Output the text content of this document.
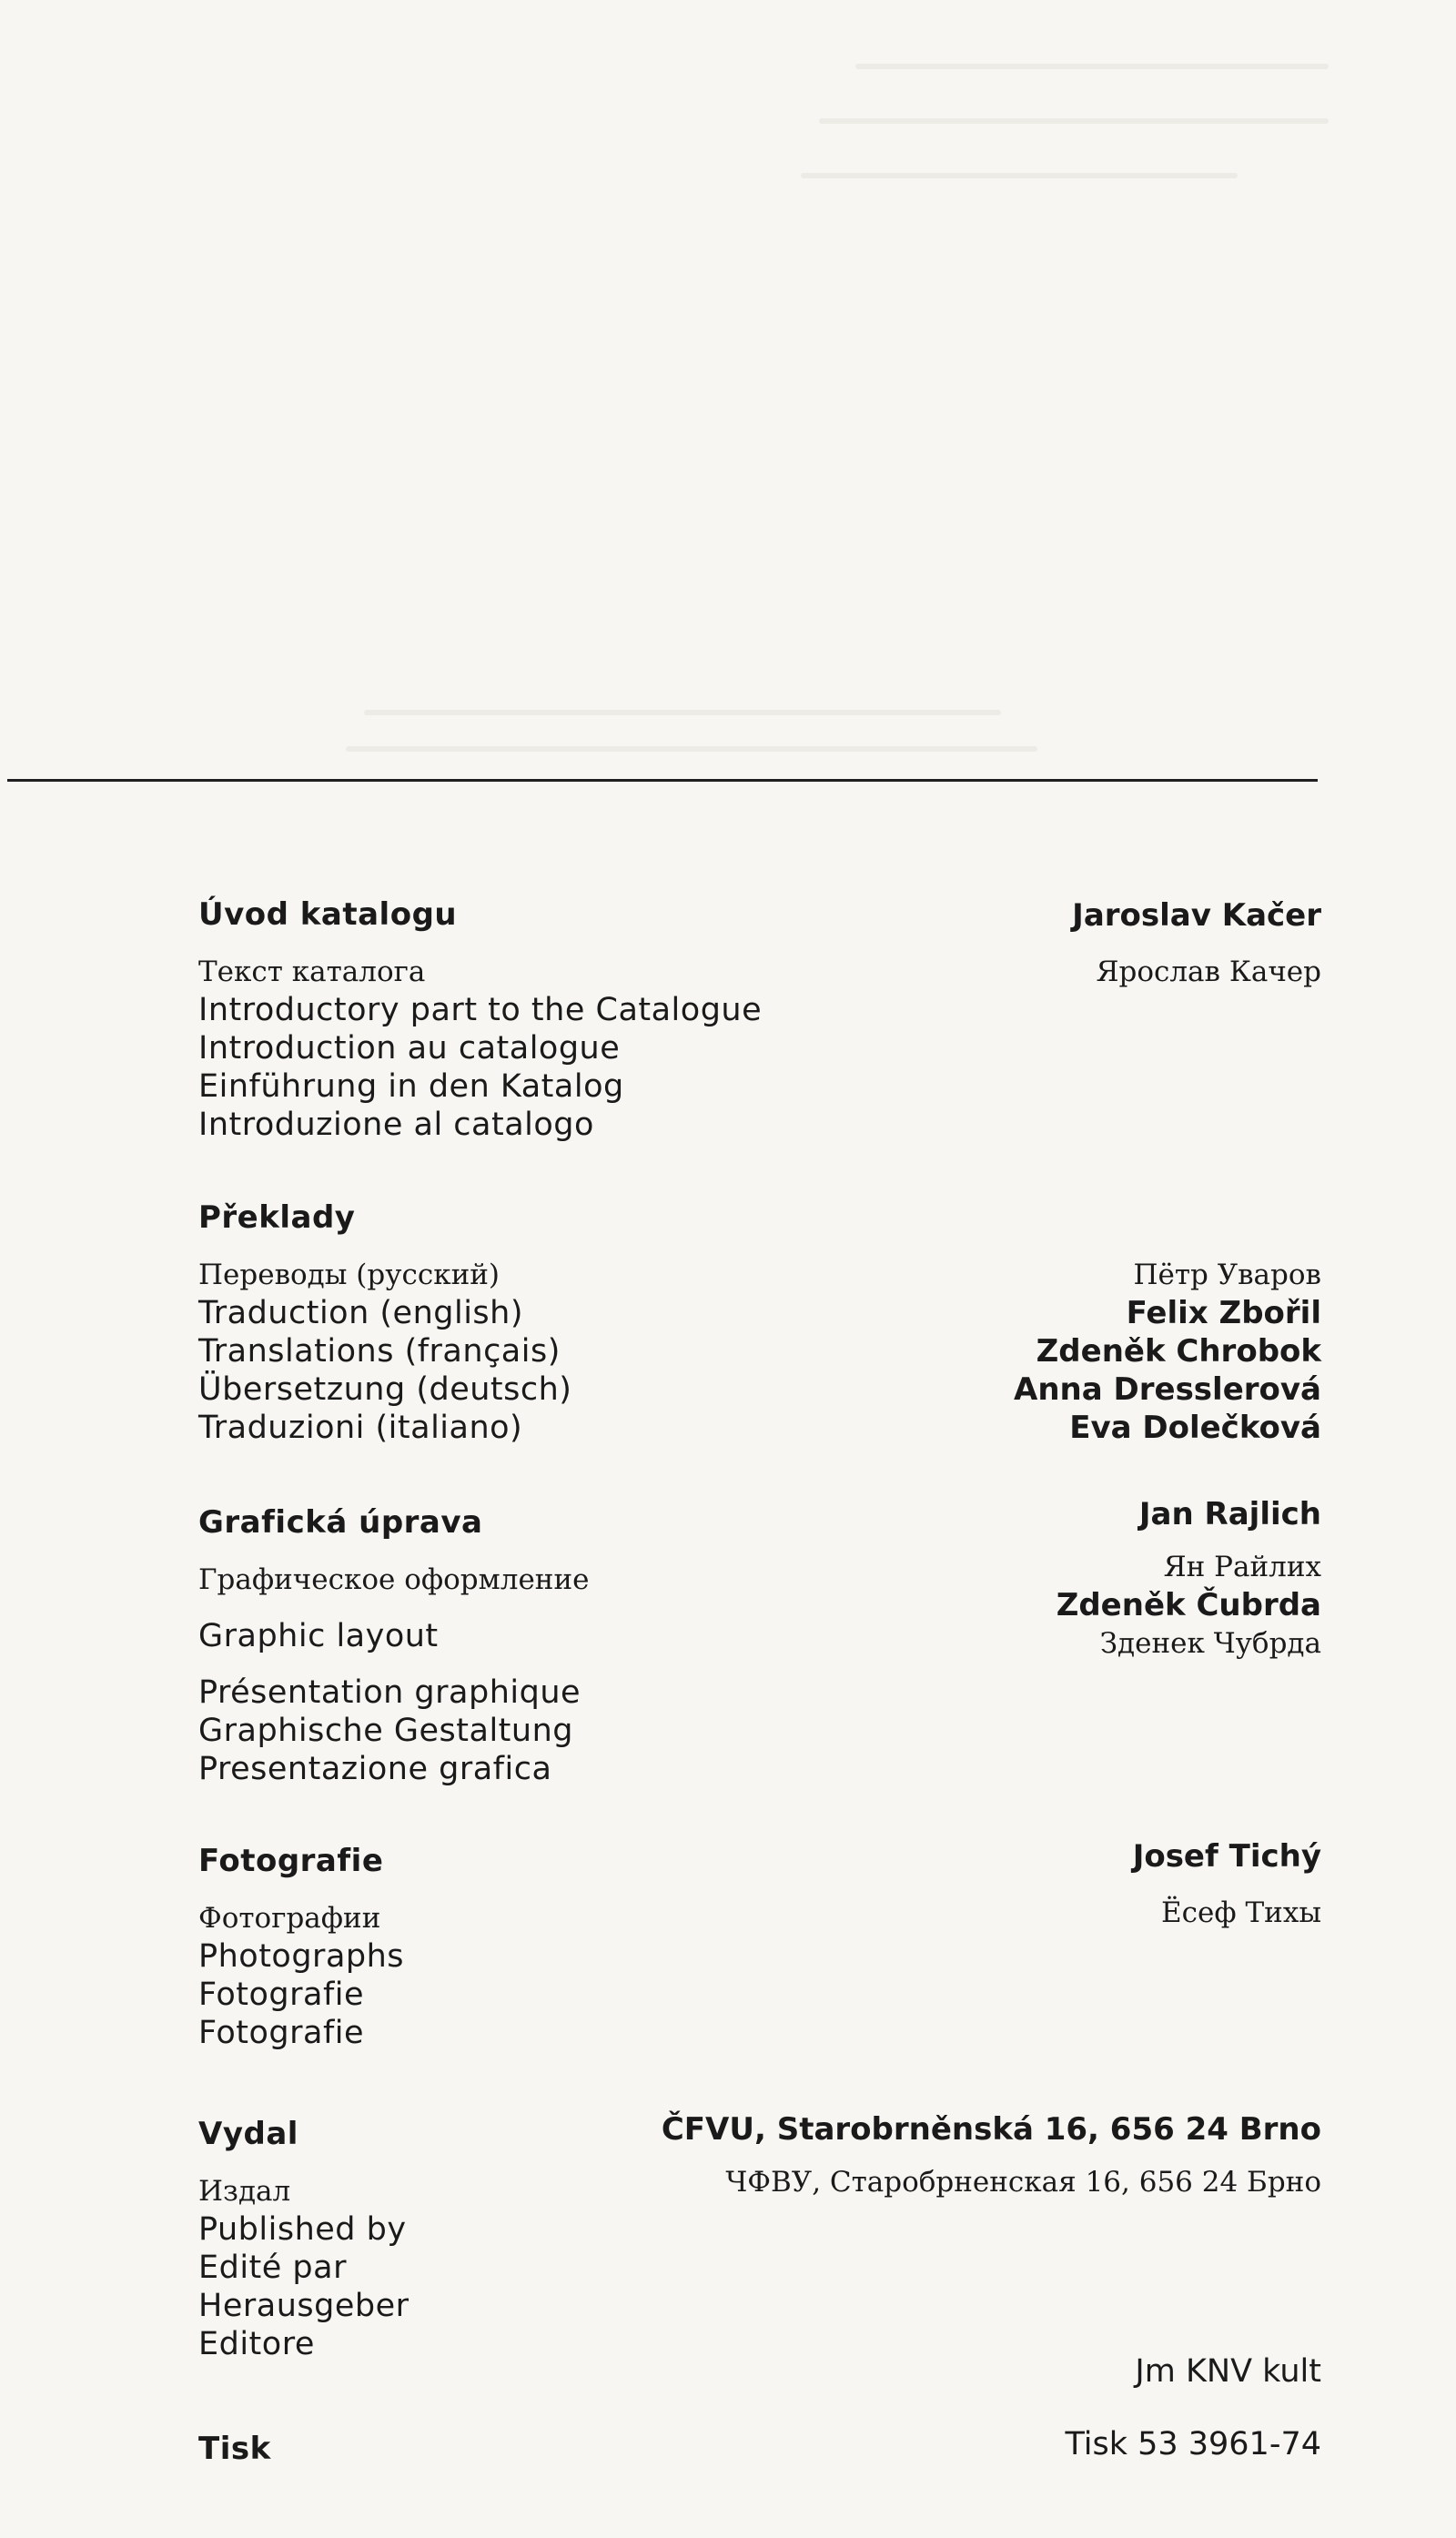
Úvod katalogu
Текст каталога
Introductory part to the Catalogue
Introduction au catalogue
Einführung in den Katalog
Introduzione al catalogo
Jaroslav Kačer
Ярослав Качер
Překlady
Переводы (русский)
Traduction (english)
Translations (français)
Übersetzung (deutsch)
Traduzioni (italiano)
Пётр Уваров
Felix Zbořil
Zdeněk Chrobok
Anna Dresslerová
Eva Dolečková
Grafická úprava
Графическое оформление
Graphic layout
Présentation graphique
Graphische Gestaltung
Presentazione grafica
Jan Rajlich
Ян Райлих
Zdeněk Čubrda
Зденек Чубрда
Fotografie
Фотографии
Photographs
Fotografie
Fotografie
Josef Tichý
Ёсеф Тихы
Vydal
Издал
Published by
Edité par
Herausgeber
Editore
ČFVU, Starobrněnská 16, 656 24 Brno
ЧФВУ, Старобрненская 16, 656 24 Брно
Jm KNV kult
Tisk	Tisk 53 3961-74
